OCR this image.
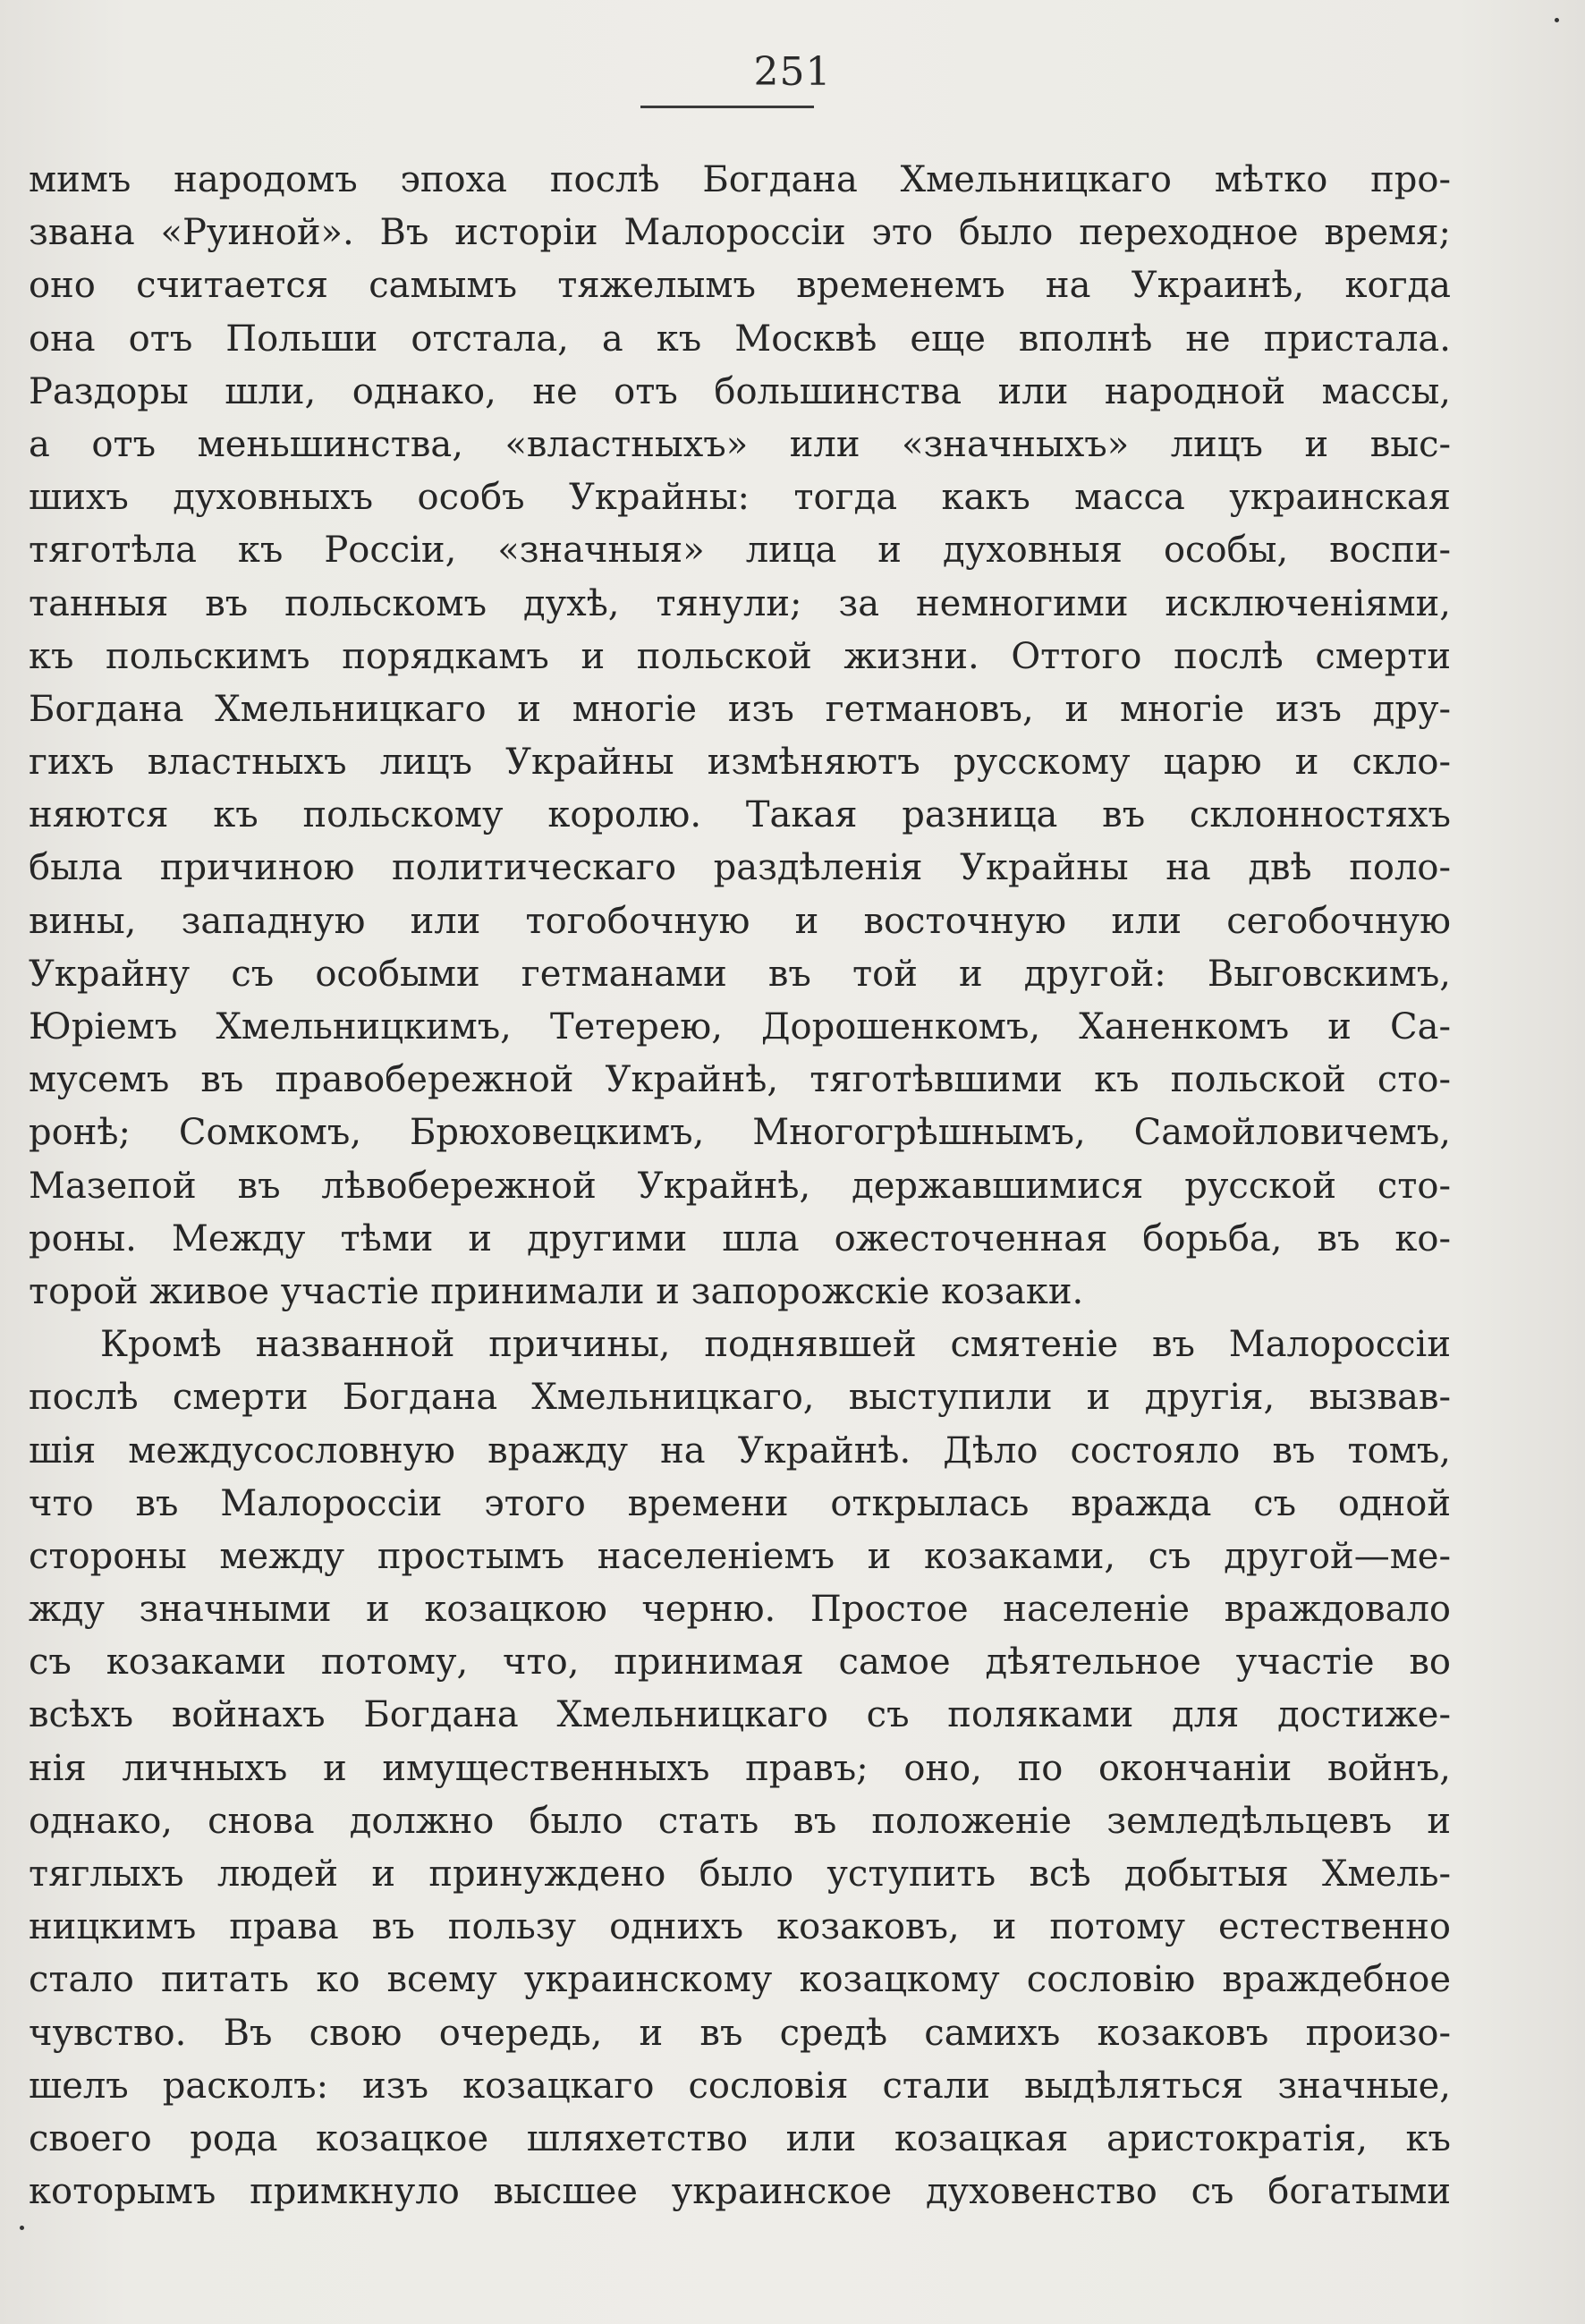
251
мимъ народомъ эпоха послѣ Богдана Хмельницкаго мѣтко про-
звана «Руиной». Въ исторіи Малороссіи это было переходное время;
оно считается самымъ тяжелымъ временемъ на Украинѣ, когда
она отъ Польши отстала, а къ Москвѣ еще вполнѣ не пристала.
Раздоры шли, однако, не отъ большинства или народной массы,
а отъ меньшинства, «властныхъ» или «значныхъ» лицъ и выс-
шихъ духовныхъ особъ Украйны: тогда какъ масса украинская
тяготѣла къ Россіи, «значныя» лица и духовныя особы, воспи-
танныя въ польскомъ духѣ, тянули; за немногими исключеніями,
къ польскимъ порядкамъ и польской жизни. Оттого послѣ смерти
Богдана Хмельницкаго и многіе изъ гетмановъ, и многіе изъ дру-
гихъ властныхъ лицъ Украйны измѣняютъ русскому царю и скло-
няются къ польскому королю. Такая разница въ склонностяхъ
была причиною политическаго раздѣленія Украйны на двѣ поло-
вины, западную или тогобочную и восточную или сегобочную
Украйну съ особыми гетманами въ той и другой: Выговскимъ,
Юріемъ Хмельницкимъ, Тетерею, Дорошенкомъ, Ханенкомъ и Са-
мусемъ въ правобережной Украйнѣ, тяготѣвшими къ польской сто-
ронѣ; Сомкомъ, Брюховецкимъ, Многогрѣшнымъ, Самойловичемъ,
Мазепой въ лѣвобережной Украйнѣ, державшимися русской сто-
роны. Между тѣми и другими шла ожесточенная борьба, въ ко-
торой живое участіе принимали и запорожскіе козаки.
Кромѣ названной причины, поднявшей смятеніе въ Малороссіи
послѣ смерти Богдана Хмельницкаго, выступили и другія, вызвав-
шія междусословную вражду на Украйнѣ. Дѣло состояло въ томъ,
что въ Малороссіи этого времени открылась вражда съ одной
стороны между простымъ населеніемъ и козаками, съ другой—ме-
жду значными и козацкою черню. Простое населеніе враждовало
съ козаками потому, что, принимая самое дѣятельное участіе во
всѣхъ войнахъ Богдана Хмельницкаго съ поляками для достиже-
нія личныхъ и имущественныхъ правъ; оно, по окончаніи войнъ,
однако, снова должно было стать въ положеніе земледѣльцевъ и
тяглыхъ людей и принуждено было уступить всѣ добытыя Хмель-
ницкимъ права въ пользу однихъ козаковъ, и потому естественно
стало питать ко всему украинскому козацкому сословію враждебное
чувство. Въ свою очередь, и въ средѣ самихъ козаковъ произо-
шелъ расколъ: изъ козацкаго сословія стали выдѣляться значные,
своего рода козацкое шляхетство или козацкая аристократія, къ
которымъ примкнуло высшее украинское духовенство съ богатыми
